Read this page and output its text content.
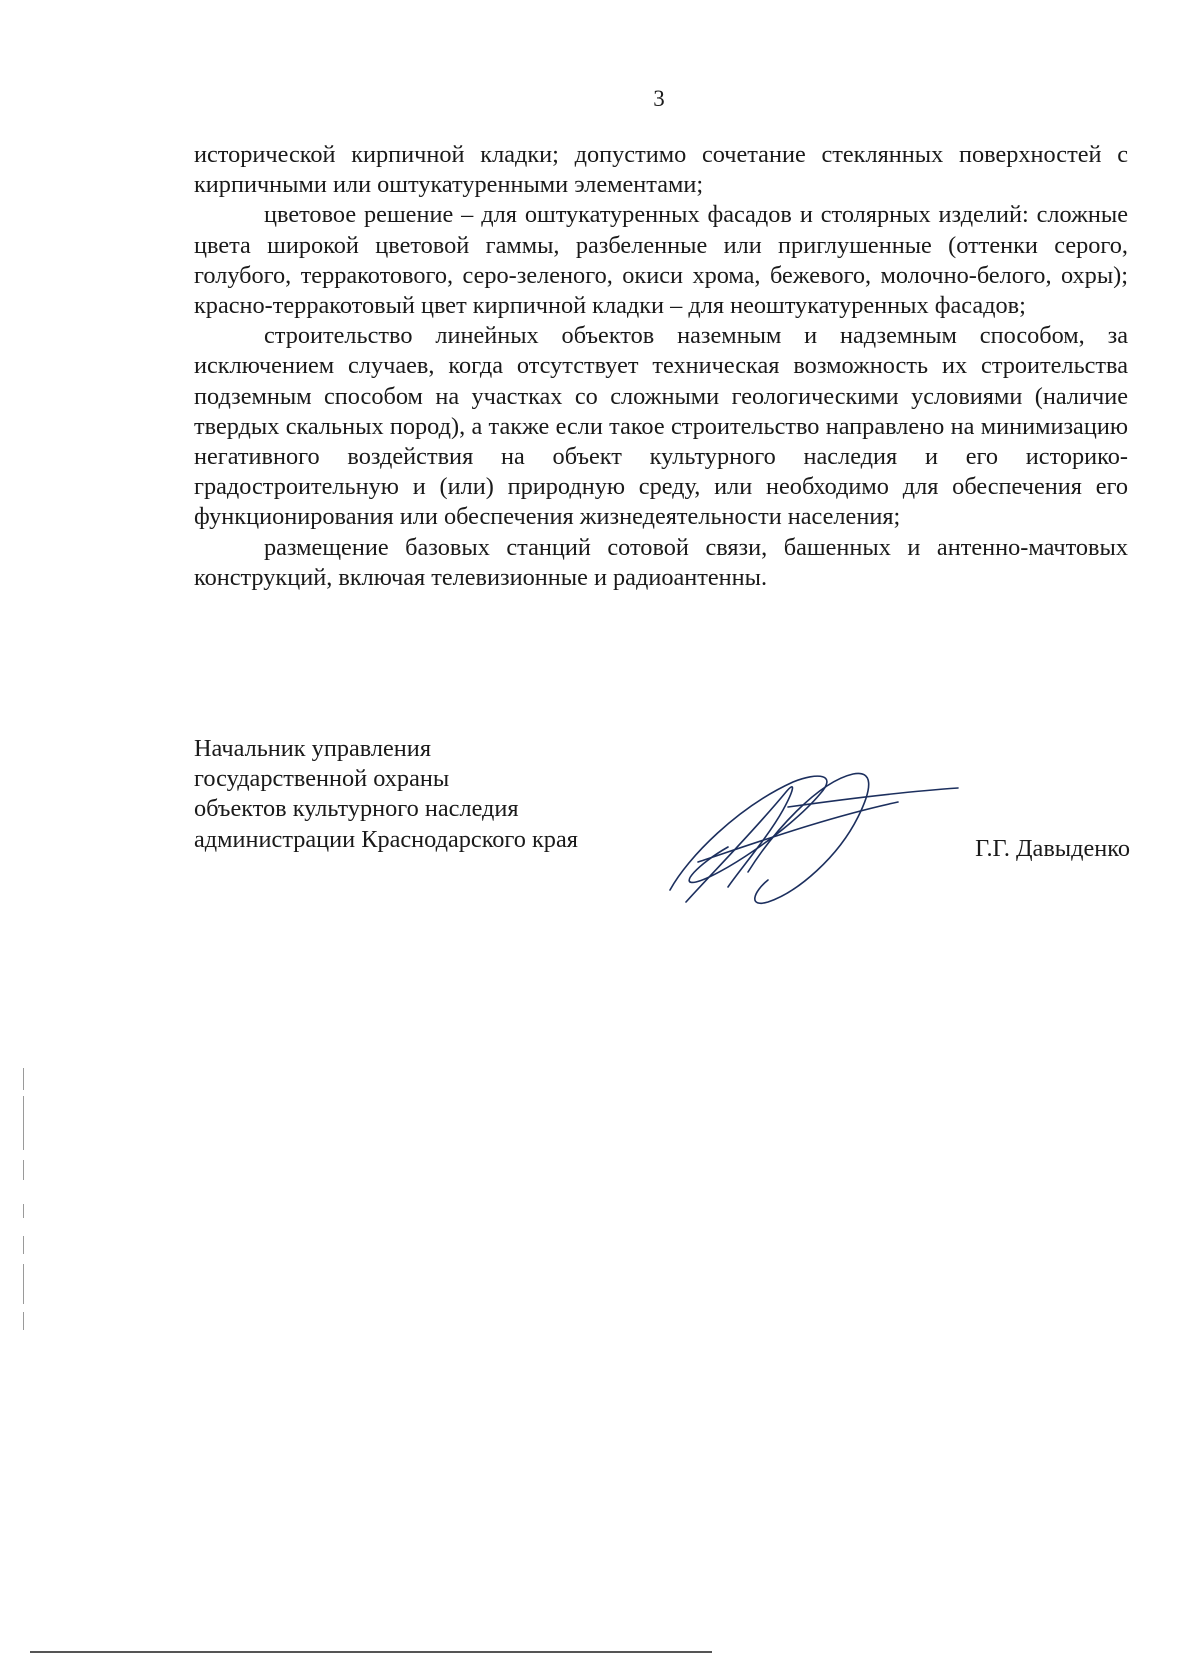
3

исторической кирпичной кладки; допустимо сочетание стеклянных поверхностей с кирпичными или оштукатуренными элементами;

цветовое решение – для оштукатуренных фасадов и столярных изделий: сложные цвета широкой цветовой гаммы, разбеленные или приглушенные (оттенки серого, голубого, терракотового, серо-зеленого, окиси хрома, бежевого, молочно-белого, охры); красно-терракотовый цвет кирпичной кладки – для неоштукатуренных фасадов;

строительство линейных объектов наземным и надземным способом, за исключением случаев, когда отсутствует техническая возможность их строительства подземным способом на участках со сложными геологическими условиями (наличие твердых скальных пород), а также если такое строительство направлено на минимизацию негативного воздействия на объект культурного наследия и его историко-градостроительную и (или) природную среду, или необходимо для обеспечения его функционирования или обеспечения жизнедеятельности населения;

размещение базовых станций сотовой связи, башенных и антенно-мачтовых конструкций, включая телевизионные и радиоантенны.

Начальник управления
государственной охраны
объектов культурного наследия
администрации Краснодарского края	Г.Г. Давыденко
